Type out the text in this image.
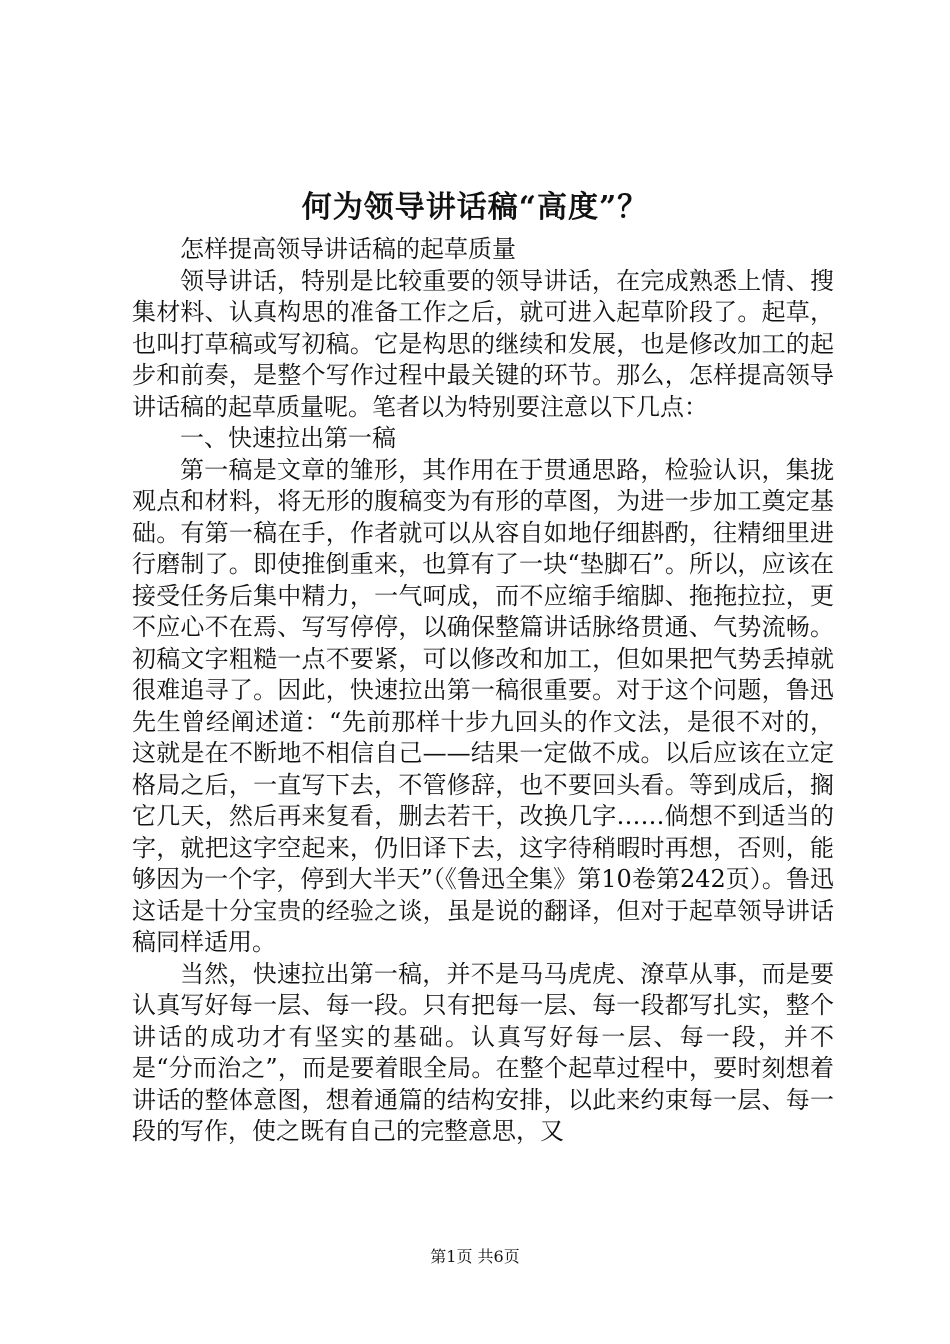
何为领导讲话稿“高度”？

怎样提高领导讲话稿的起草质量

领导讲话，特别是比较重要的领导讲话，在完成熟悉上情、搜集材料、认真构思的准备工作之后，就可进入起草阶段了。起草，也叫打草稿或写初稿。它是构思的继续和发展，也是修改加工的起步和前奏，是整个写作过程中最关键的环节。那么，怎样提高领导讲话稿的起草质量呢。笔者以为特别要注意以下几点：

一、快速拉出第一稿

第一稿是文章的雏形，其作用在于贯通思路，检验认识，集拢观点和材料，将无形的腹稿变为有形的草图，为进一步加工奠定基础。有第一稿在手，作者就可以从容自如地仔细斟酌，往精细里进行磨制了。即使推倒重来，也算有了一块“垫脚石”。所以，应该在接受任务后集中精力，一气呵成，而不应缩手缩脚、拖拖拉拉，更不应心不在焉、写写停停，以确保整篇讲话脉络贯通、气势流畅。初稿文字粗糙一点不要紧，可以修改和加工，但如果把气势丢掉就很难追寻了。因此，快速拉出第一稿很重要。对于这个问题，鲁迅先生曾经阐述道：“先前那样十步九回头的作文法，是很不对的，这就是在不断地不相信自己——结果一定做不成。以后应该在立定格局之后，一直写下去，不管修辞，也不要回头看。等到成后，搁它几天，然后再来复看，删去若干，改换几字……倘想不到适当的字，就把这字空起来，仍旧译下去，这字待稍暇时再想，否则，能够因为一个字，停到大半天”（《鲁迅全集》第10卷第242页）。鲁迅这话是十分宝贵的经验之谈，虽是说的翻译，但对于起草领导讲话稿同样适用。

当然，快速拉出第一稿，并不是马马虎虎、潦草从事，而是要认真写好每一层、每一段。只有把每一层、每一段都写扎实，整个讲话的成功才有坚实的基础。认真写好每一层、每一段，并不是“分而治之”，而是要着眼全局。在整个起草过程中，要时刻想着讲话的整体意图，想着通篇的结构安排，以此来约束每一层、每一段的写作，使之既有自己的完整意思，又

第1页 共6页
